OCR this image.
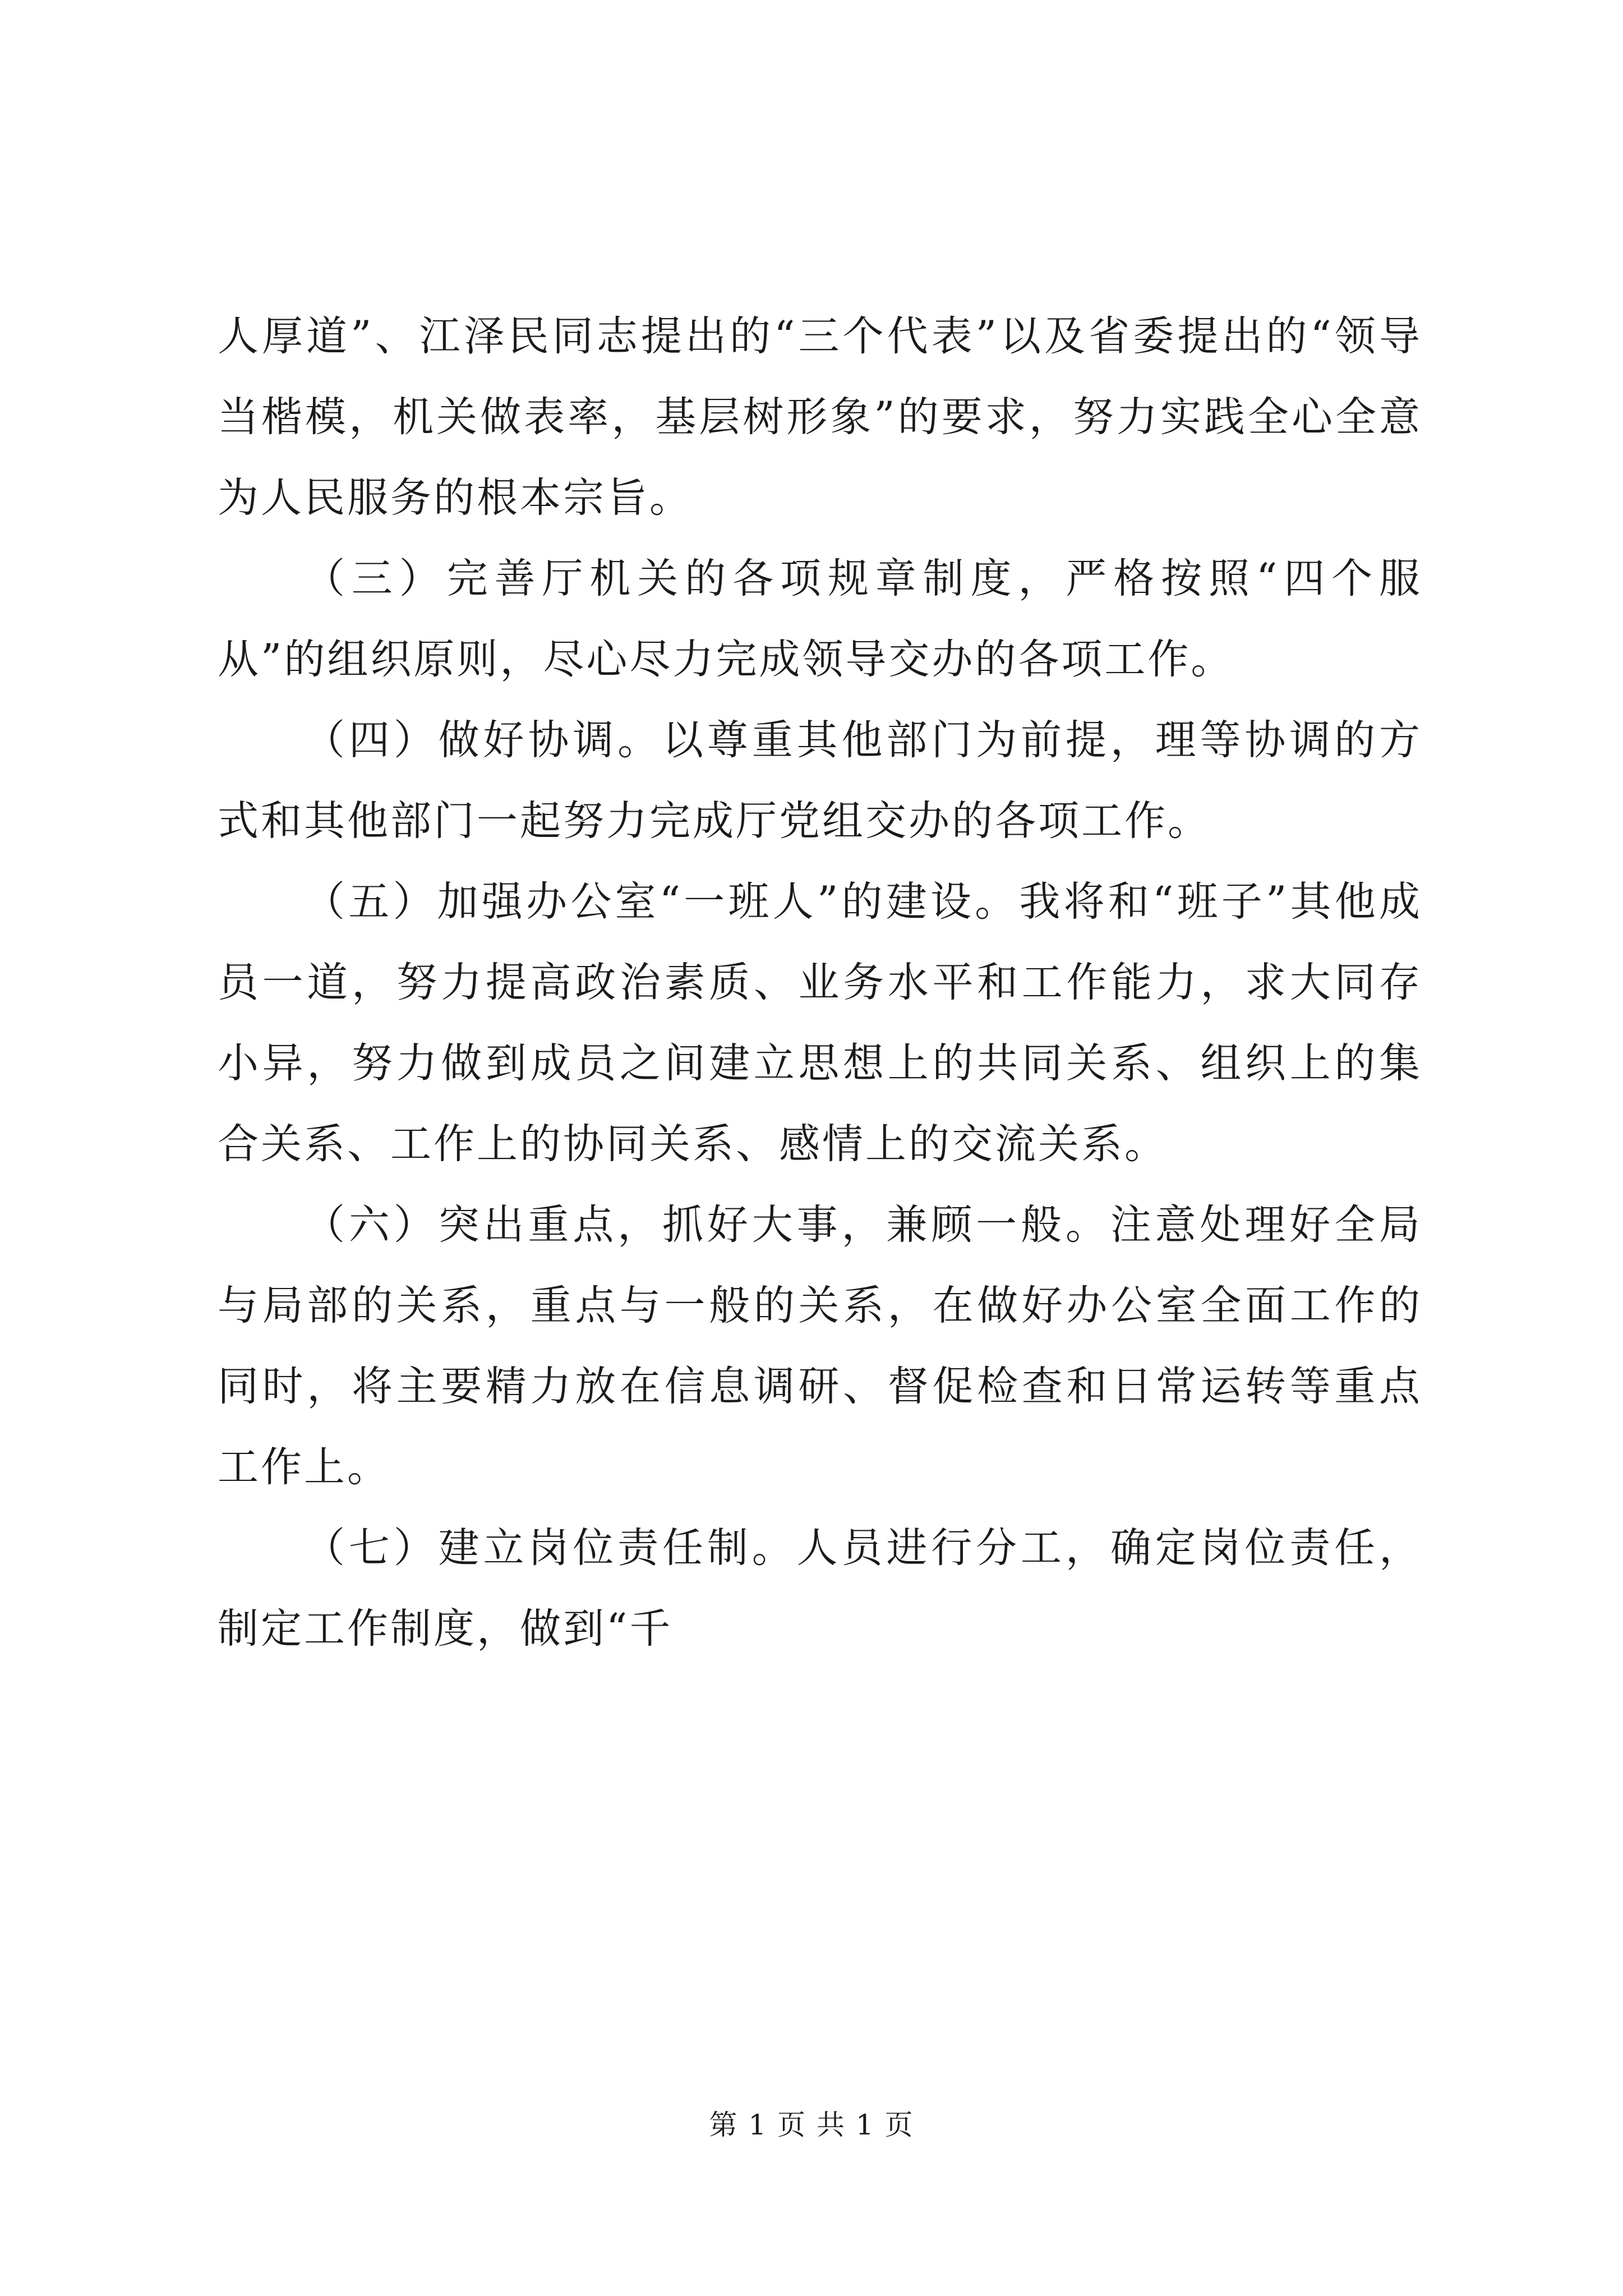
人厚道”、江泽民同志提出的“三个代表”以及省委提出的“领导当楷模，机关做表率，基层树形象”的要求，努力实践全心全意为人民服务的根本宗旨。

（三）完善厅机关的各项规章制度，严格按照“四个服从”的组织原则，尽心尽力完成领导交办的各项工作。

（四）做好协调。以尊重其他部门为前提，理等协调的方式和其他部门一起努力完成厅党组交办的各项工作。

（五）加强办公室“一班人”的建设。我将和“班子”其他成员一道，努力提高政治素质、业务水平和工作能力，求大同存小异，努力做到成员之间建立思想上的共同关系、组织上的集合关系、工作上的协同关系、感情上的交流关系。

（六）突出重点，抓好大事，兼顾一般。注意处理好全局与局部的关系，重点与一般的关系，在做好办公室全面工作的同时，将主要精力放在信息调研、督促检查和日常运转等重点工作上。

（七）建立岗位责任制。人员进行分工，确定岗位责任，制定工作制度，做到“千

第 1 页 共 1 页
